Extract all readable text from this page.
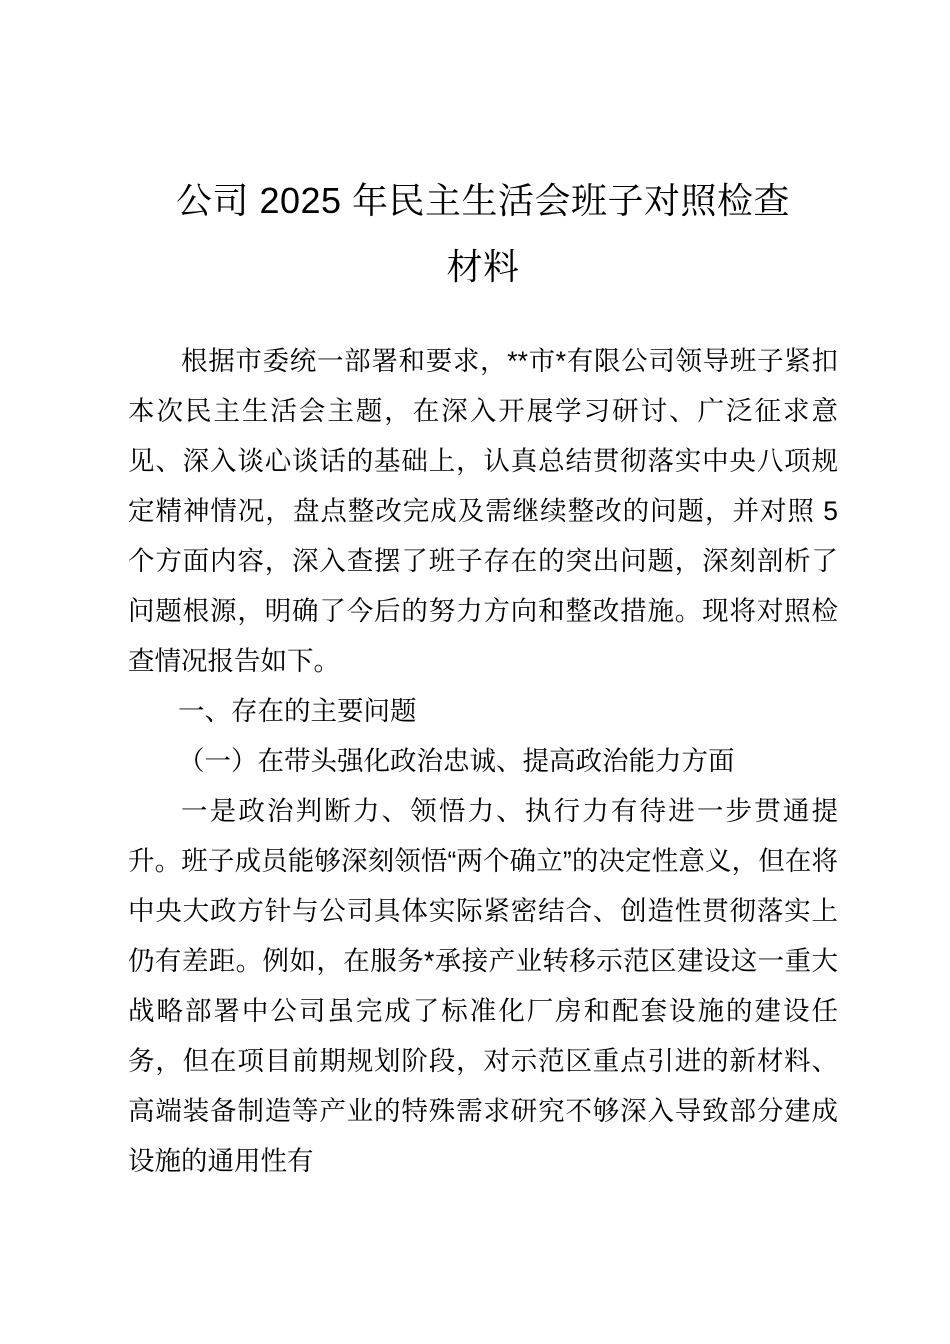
公司 2025 年民主生活会班子对照检查
材料

根据市委统一部署和要求，**市*有限公司领导班子紧扣本次民主生活会主题，在深入开展学习研讨、广泛征求意见、深入谈心谈话的基础上，认真总结贯彻落实中央八项规定精神情况，盘点整改完成及需继续整改的问题，并对照 5 个方面内容，深入查摆了班子存在的突出问题，深刻剖析了问题根源，明确了今后的努力方向和整改措施。现将对照检查情况报告如下。

一、存在的主要问题

（一）在带头强化政治忠诚、提高政治能力方面

一是政治判断力、领悟力、执行力有待进一步贯通提升。班子成员能够深刻领悟“两个确立”的决定性意义，但在将中央大政方针与公司具体实际紧密结合、创造性贯彻落实上仍有差距。例如，在服务*承接产业转移示范区建设这一重大战略部署中公司虽完成了标准化厂房和配套设施的建设任务，但在项目前期规划阶段，对示范区重点引进的新材料、高端装备制造等产业的特殊需求研究不够深入导致部分建成设施的通用性有
